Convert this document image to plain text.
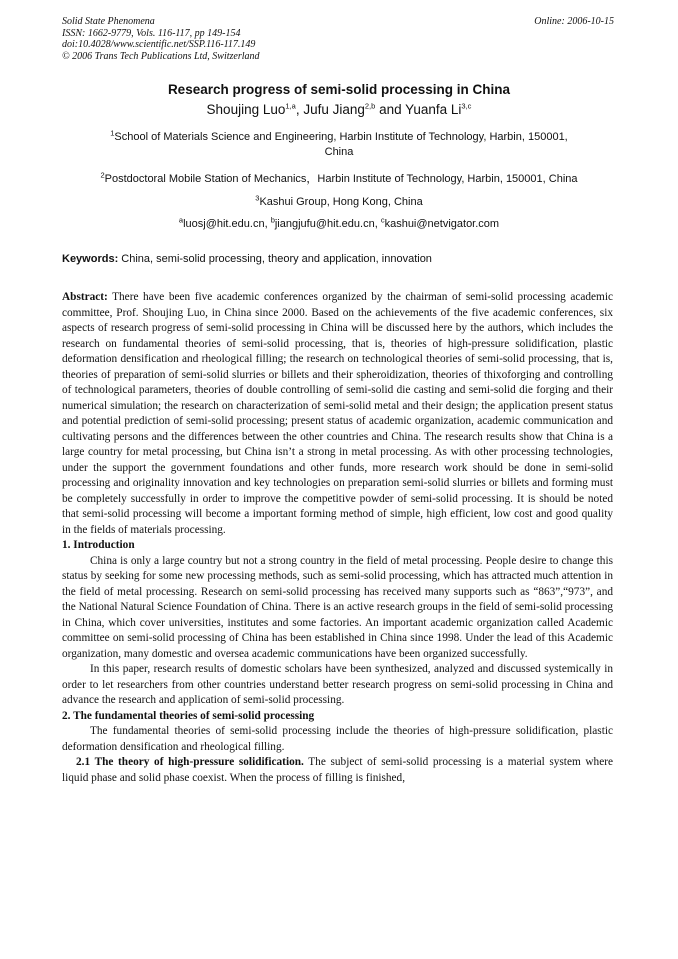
Solid State Phenomena
ISSN: 1662-9779, Vols. 116-117, pp 149-154
doi:10.4028/www.scientific.net/SSP.116-117.149
© 2006 Trans Tech Publications Ltd, Switzerland
Online: 2006-10-15
Research progress of semi-solid processing in China
Shoujing Luo$^{1,a}$, Jufu Jiang$^{2,b}$ and Yuanfa Li$^{3,c}$
$^1$School of Materials Science and Engineering, Harbin Institute of Technology, Harbin, 150001,
China
$^2$Postdoctoral Mobile Station of Mechanics，Harbin Institute of Technology, Harbin, 150001, China
$^3$Kashui Group, Hong Kong, China
$^a$luosj@hit.edu.cn, $^b$jiangjufu@hit.edu.cn, $^c$kashui@netvigator.com
Keywords: China, semi-solid processing, theory and application, innovation

Abstract: There have been five academic conferences organized by the chairman of semi-solid processing academic committee, Prof. Shoujing Luo, in China since 2000. Based on the achievements of the five academic conferences, six aspects of research progress of semi-solid processing in China will be discussed here by the authors, which includes the research on fundamental theories of semi-solid processing, that is, theories of high-pressure solidification, plastic deformation densification and rheological filling; the research on technological theories of semi-solid processing, that is, theories of preparation of semi-solid slurries or billets and their spheroidization, theories of thixoforging and controlling of technological parameters, theories of double controlling of semi-solid die casting and semi-solid die forging and their numerical simulation; the research on characterization of semi-solid metal and their design; the application present status and potential prediction of semi-solid processing; present status of academic organization, academic communication and cultivating persons and the differences between the other countries and China. The research results show that China is a large country for metal processing, but China isn’t a strong in metal processing. As with other processing technologies, under the support the government foundations and other funds, more research work should be done in semi-solid processing and originality innovation and key technologies on preparation semi-solid slurries or billets and forming must be completely successfully in order to improve the competitive powder of semi-solid processing. It is should be noted that semi-solid processing will become a important forming method of simple, high efficient, low cost and good quality in the fields of materials processing.

1. Introduction

China is only a large country but not a strong country in the field of metal processing. People desire to change this status by seeking for some new processing methods, such as semi-solid processing, which has attracted much attention in the field of metal processing. Research on semi-solid processing has received many supports such as “863”,“973”, and the National Natural Science Foundation of China. There is an active research groups in the field of semi-solid processing in China, which cover universities, institutes and some factories. An important academic organization called Academic committee on semi-solid processing of China has been established in China since 1998. Under the lead of this Academic organization, many domestic and oversea academic communications have been organized successfully.

In this paper, research results of domestic scholars have been synthesized, analyzed and discussed systemically in order to let researchers from other countries understand better research progress on semi-solid processing in China and advance the research and application of semi-solid processing.

2. The fundamental theories of semi-solid processing

The fundamental theories of semi-solid processing include the theories of high-pressure solidification, plastic deformation densification and rheological filling.

2.1 The theory of high-pressure solidification. The subject of semi-solid processing is a material system where liquid phase and solid phase coexist. When the process of filling is finished,
